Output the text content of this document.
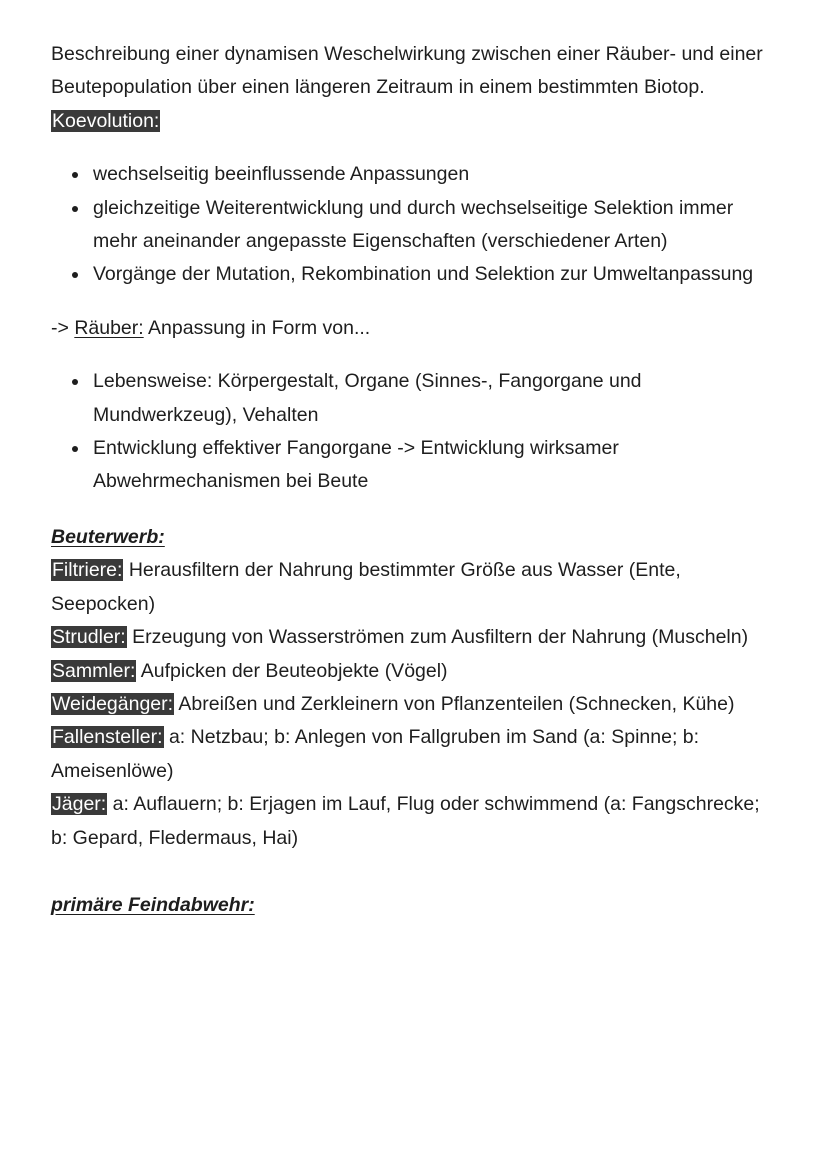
Beschreibung einer dynamisen Weschelwirkung zwischen einer Räuber- und einer Beutepopulation über einen längeren Zeitraum in einem bestimmten Biotop.

Koevolution:

wechselseitig beeinflussende Anpassungen
gleichzeitige Weiterentwicklung und durch wechselseitige Selektion immer mehr aneinander angepasste Eigenschaften (verschiedener Arten)
Vorgänge der Mutation, Rekombination und Selektion zur Umweltanpassung

-> Räuber: Anpassung in Form von...

Lebensweise: Körpergestalt, Organe (Sinnes-, Fangorgane und Mundwerkzeug), Vehalten
Entwicklung effektiver Fangorgane -> Entwicklung wirksamer Abwehrmechanismen bei Beute

Beuterwerb:

Filtriere: Herausfiltern der Nahrung bestimmter Größe aus Wasser (Ente, Seepocken)

Strudler: Erzeugung von Wasserströmen zum Ausfiltern der Nahrung (Muscheln)

Sammler: Aufpicken der Beuteobjekte (Vögel)

Weidegänger: Abreißen und Zerkleinern von Pflanzenteilen (Schnecken, Kühe)

Fallensteller: a: Netzbau; b: Anlegen von Fallgruben im Sand (a: Spinne; b: Ameisenlöwe)

Jäger: a: Auflauern; b: Erjagen im Lauf, Flug oder schwimmend (a: Fangschrecke; b: Gepard, Fledermaus, Hai)

primäre Feindabwehr:
